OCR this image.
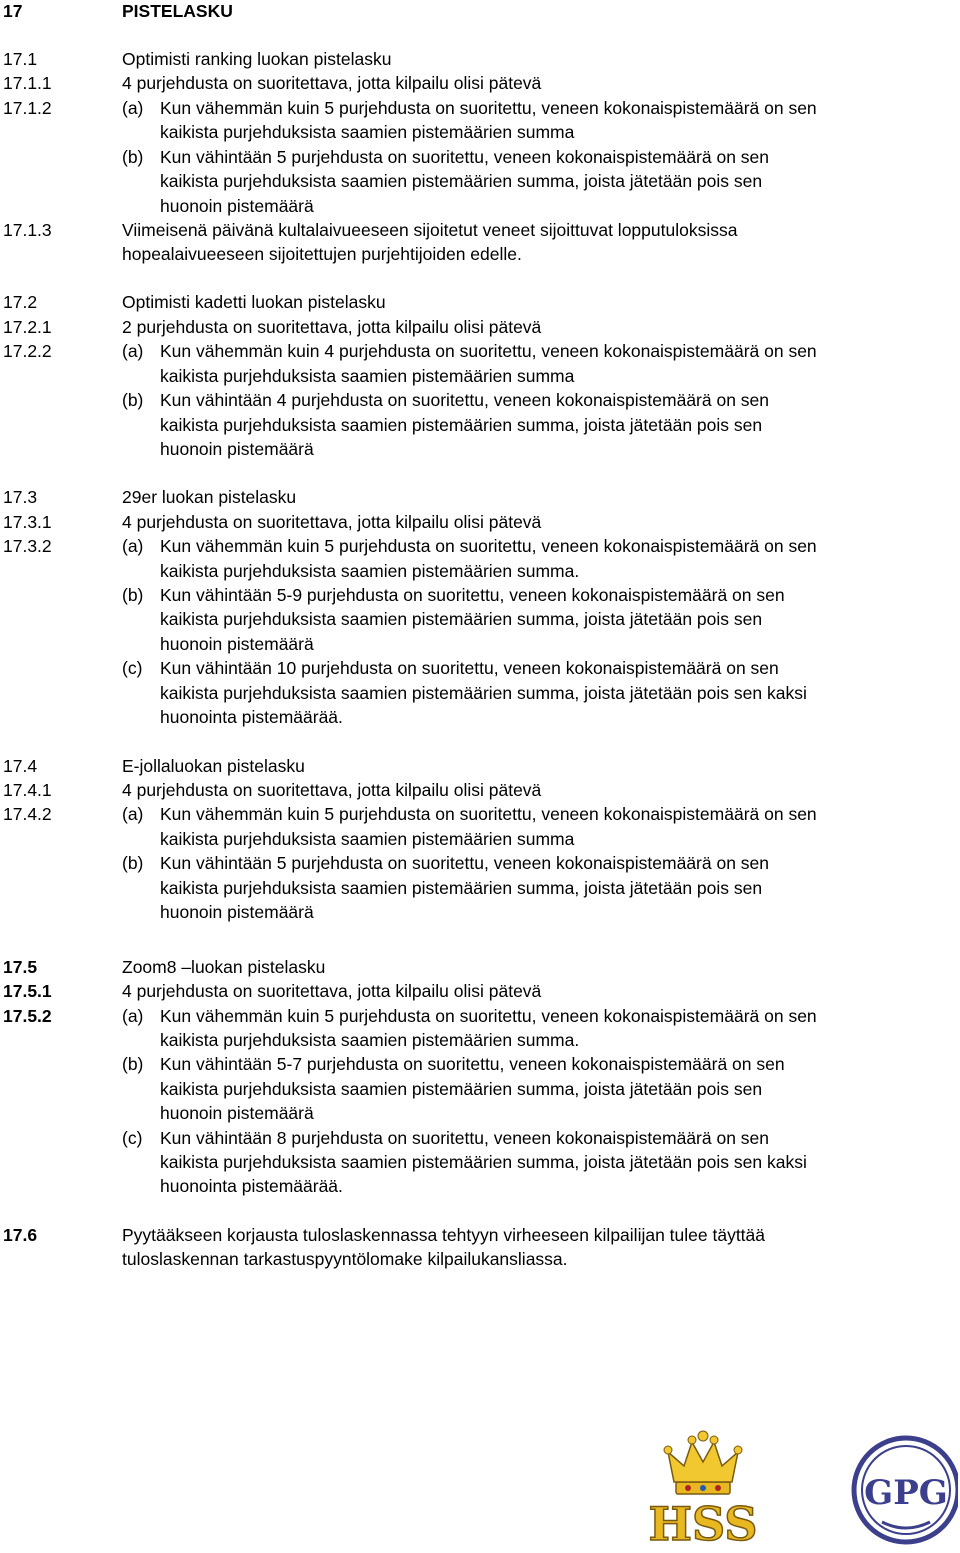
17	PISTELASKU
17.1	Optimisti ranking luokan pistelasku
17.1.1	4 purjehdusta on suoritettava, jotta kilpailu olisi pätevä
17.1.2	(a) Kun vähemmän kuin 5 purjehdusta on suoritettu, veneen kokonaispistemäärä on sen
kaikista purjehduksista saamien pistemäärien summa
(b) Kun vähintään 5 purjehdusta on suoritettu, veneen kokonaispistemäärä on sen
kaikista purjehduksista saamien pistemäärien summa, joista jätetään pois sen
huonoin pistemäärä
17.1.3	Viimeisenä päivänä kultalaivueeseen sijoitetut veneet sijoittuvat lopputuloksissa
hopealaivueeseen sijoitettujen purjehtijoiden edelle.
17.2	Optimisti kadetti luokan pistelasku
17.2.1	2 purjehdusta on suoritettava, jotta kilpailu olisi pätevä
17.2.2	(a) Kun vähemmän kuin 4 purjehdusta on suoritettu, veneen kokonaispistemäärä on sen
kaikista purjehduksista saamien pistemäärien summa
(b) Kun vähintään 4 purjehdusta on suoritettu, veneen kokonaispistemäärä on sen
kaikista purjehduksista saamien pistemäärien summa, joista jätetään pois sen
huonoin pistemäärä
17.3	29er luokan pistelasku
17.3.1	4 purjehdusta on suoritettava, jotta kilpailu olisi pätevä
17.3.2	(a) Kun vähemmän kuin 5 purjehdusta on suoritettu, veneen kokonaispistemäärä on sen
kaikista purjehduksista saamien pistemäärien summa.
(b) Kun vähintään 5-9 purjehdusta on suoritettu, veneen kokonaispistemäärä on sen
kaikista purjehduksista saamien pistemäärien summa, joista jätetään pois sen
huonoin pistemäärä
(c) Kun vähintään 10 purjehdusta on suoritettu, veneen kokonaispistemäärä on sen
kaikista purjehduksista saamien pistemäärien summa, joista jätetään pois sen kaksi
huonointa pistemäärää.
17.4	E-jollaluokan pistelasku
17.4.1	4 purjehdusta on suoritettava, jotta kilpailu olisi pätevä
17.4.2	(a) Kun vähemmän kuin 5 purjehdusta on suoritettu, veneen kokonaispistemäärä on sen
kaikista purjehduksista saamien pistemäärien summa
(b) Kun vähintään 5 purjehdusta on suoritettu, veneen kokonaispistemäärä on sen
kaikista purjehduksista saamien pistemäärien summa, joista jätetään pois sen
huonoin pistemäärä
17.5	Zoom8 –luokan pistelasku
17.5.1	4 purjehdusta on suoritettava, jotta kilpailu olisi pätevä
17.5.2	(a) Kun vähemmän kuin 5 purjehdusta on suoritettu, veneen kokonaispistemäärä on sen
kaikista purjehduksista saamien pistemäärien summa.
(b) Kun vähintään 5-7 purjehdusta on suoritettu, veneen kokonaispistemäärä on sen
kaikista purjehduksista saamien pistemäärien summa, joista jätetään pois sen
huonoin pistemäärä
(c) Kun vähintään 8 purjehdusta on suoritettu, veneen kokonaispistemäärä on sen
kaikista purjehduksista saamien pistemäärien summa, joista jätetään pois sen kaksi
huonointa pistemäärää.
17.6	Pyytääkseen korjausta tuloslaskennassa tehtyyn virheeseen kilpailijan tulee täyttää
tuloslaskennan tarkastuspyyntölomake kilpailukansliassa.
HSS
GPG
